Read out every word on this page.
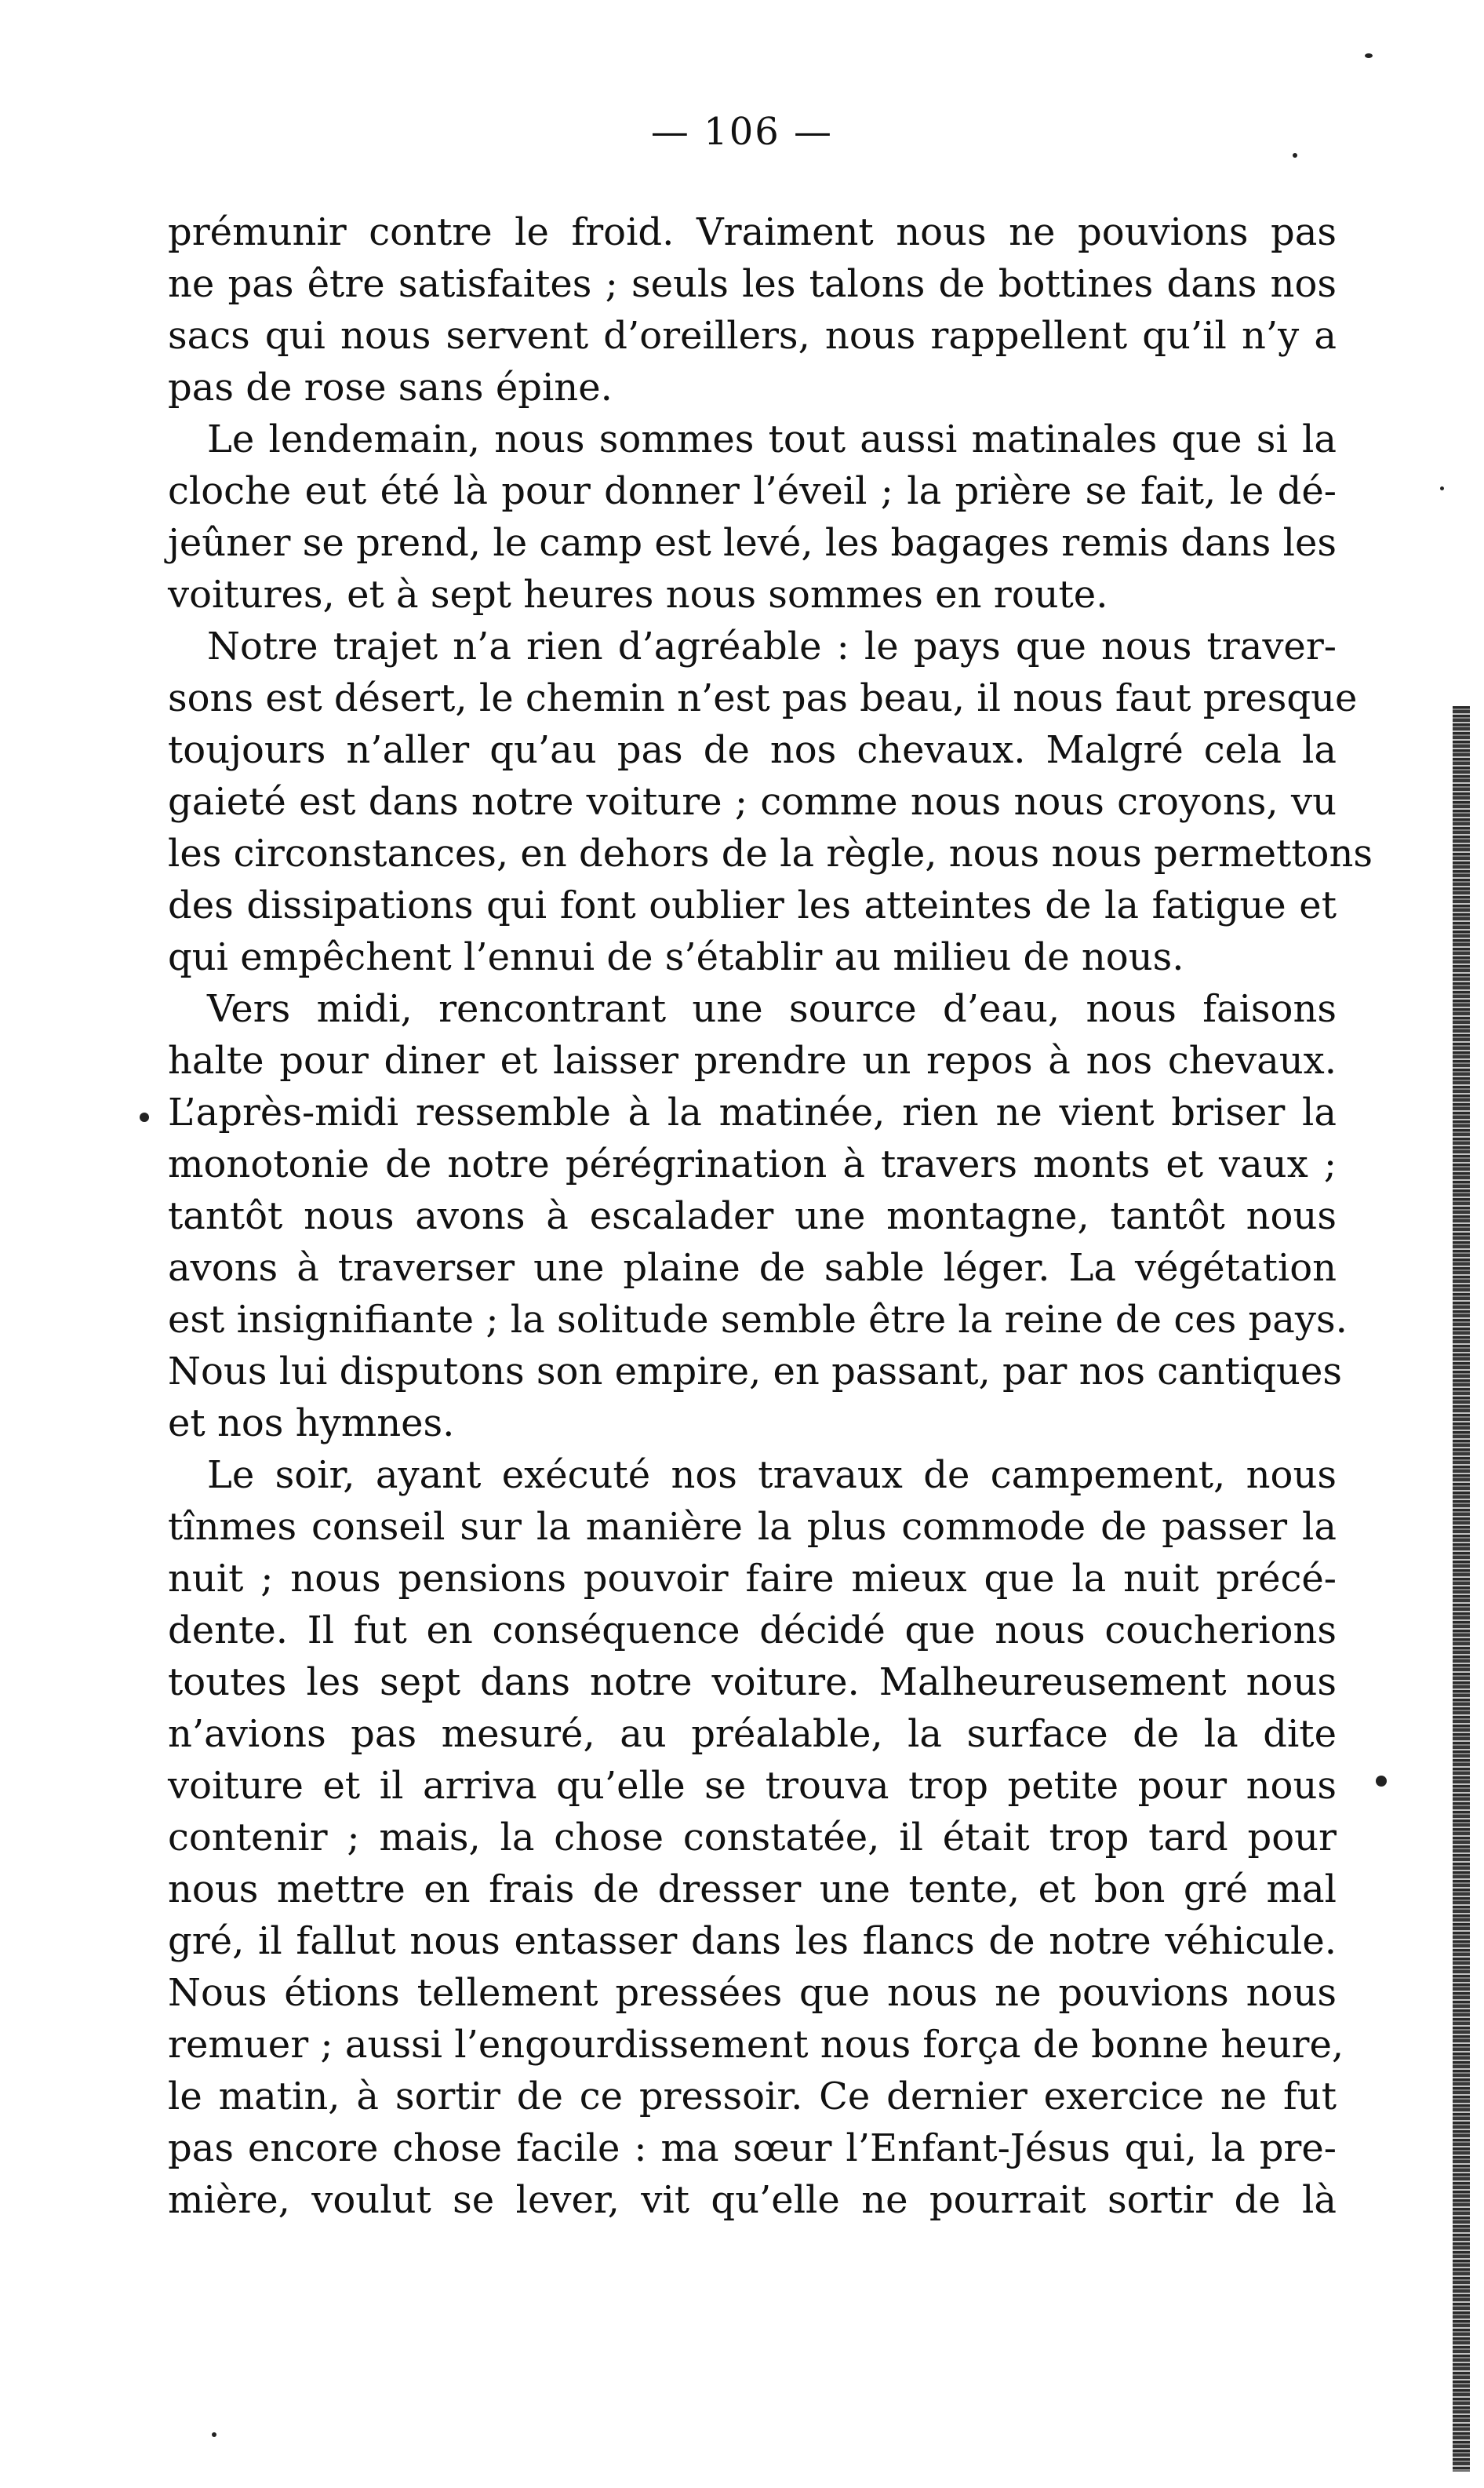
— 106 —
prémunir contre le froid. Vraiment nous ne pouvions pas
ne pas être satisfaites ; seuls les talons de bottines dans nos
sacs qui nous servent d’oreillers, nous rappellent qu’il n’y a
pas de rose sans épine.
Le lendemain, nous sommes tout aussi matinales que si la
cloche eut été là pour donner l’éveil ; la prière se fait, le dé-
jeûner se prend, le camp est levé, les bagages remis dans les
voitures, et à sept heures nous sommes en route.
Notre trajet n’a rien d’agréable : le pays que nous traver-
sons est désert, le chemin n’est pas beau, il nous faut presque
toujours n’aller qu’au pas de nos chevaux. Malgré cela la
gaieté est dans notre voiture ; comme nous nous croyons, vu
les circonstances, en dehors de la règle, nous nous permettons
des dissipations qui font oublier les atteintes de la fatigue et
qui empêchent l’ennui de s’établir au milieu de nous.
Vers midi, rencontrant une source d’eau, nous faisons
halte pour diner et laisser prendre un repos à nos chevaux.
L’après-midi ressemble à la matinée, rien ne vient briser la
monotonie de notre pérégrination à travers monts et vaux ;
tantôt nous avons à escalader une montagne, tantôt nous
avons à traverser une plaine de sable léger. La végétation
est insignifiante ; la solitude semble être la reine de ces pays.
Nous lui disputons son empire, en passant, par nos cantiques
et nos hymnes.
Le soir, ayant exécuté nos travaux de campement, nous
tînmes conseil sur la manière la plus commode de passer la
nuit ; nous pensions pouvoir faire mieux que la nuit précé-
dente. Il fut en conséquence décidé que nous coucherions
toutes les sept dans notre voiture. Malheureusement nous
n’avions pas mesuré, au préalable, la surface de la dite
voiture et il arriva qu’elle se trouva trop petite pour nous
contenir ; mais, la chose constatée, il était trop tard pour
nous mettre en frais de dresser une tente, et bon gré mal
gré, il fallut nous entasser dans les flancs de notre véhicule.
Nous étions tellement pressées que nous ne pouvions nous
remuer ; aussi l’engourdissement nous força de bonne heure,
le matin, à sortir de ce pressoir. Ce dernier exercice ne fut
pas encore chose facile : ma sœur l’Enfant-Jésus qui, la pre-
mière, voulut se lever, vit qu’elle ne pourrait sortir de là
